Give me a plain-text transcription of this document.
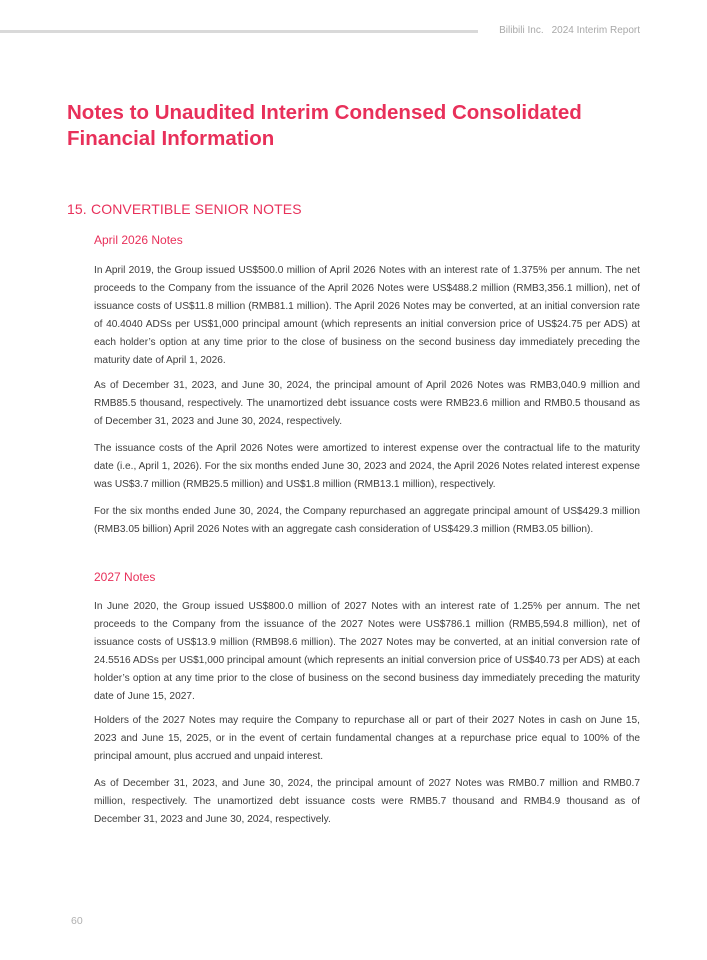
Bilibili Inc. 2024 Interim Report
Notes to Unaudited Interim Condensed Consolidated Financial Information
15. CONVERTIBLE SENIOR NOTES
April 2026 Notes

In April 2019, the Group issued US$500.0 million of April 2026 Notes with an interest rate of 1.375% per annum. The net proceeds to the Company from the issuance of the April 2026 Notes were US$488.2 million (RMB3,356.1 million), net of issuance costs of US$11.8 million (RMB81.1 million). The April 2026 Notes may be converted, at an initial conversion rate of 40.4040 ADSs per US$1,000 principal amount (which represents an initial conversion price of US$24.75 per ADS) at each holder’s option at any time prior to the close of business on the second business day immediately preceding the maturity date of April 1, 2026.

As of December 31, 2023, and June 30, 2024, the principal amount of April 2026 Notes was RMB3,040.9 million and RMB85.5 thousand, respectively. The unamortized debt issuance costs were RMB23.6 million and RMB0.5 thousand as of December 31, 2023 and June 30, 2024, respectively.

The issuance costs of the April 2026 Notes were amortized to interest expense over the contractual life to the maturity date (i.e., April 1, 2026). For the six months ended June 30, 2023 and 2024, the April 2026 Notes related interest expense was US$3.7 million (RMB25.5 million) and US$1.8 million (RMB13.1 million), respectively.

For the six months ended June 30, 2024, the Company repurchased an aggregate principal amount of US$429.3 million (RMB3.05 billion) April 2026 Notes with an aggregate cash consideration of US$429.3 million (RMB3.05 billion).

2027 Notes

In June 2020, the Group issued US$800.0 million of 2027 Notes with an interest rate of 1.25% per annum. The net proceeds to the Company from the issuance of the 2027 Notes were US$786.1 million (RMB5,594.8 million), net of issuance costs of US$13.9 million (RMB98.6 million). The 2027 Notes may be converted, at an initial conversion rate of 24.5516 ADSs per US$1,000 principal amount (which represents an initial conversion price of US$40.73 per ADS) at each holder’s option at any time prior to the close of business on the second business day immediately preceding the maturity date of June 15, 2027.

Holders of the 2027 Notes may require the Company to repurchase all or part of their 2027 Notes in cash on June 15, 2023 and June 15, 2025, or in the event of certain fundamental changes at a repurchase price equal to 100% of the principal amount, plus accrued and unpaid interest.

As of December 31, 2023, and June 30, 2024, the principal amount of 2027 Notes was RMB0.7 million and RMB0.7 million, respectively. The unamortized debt issuance costs were RMB5.7 thousand and RMB4.9 thousand as of December 31, 2023 and June 30, 2024, respectively.

60
